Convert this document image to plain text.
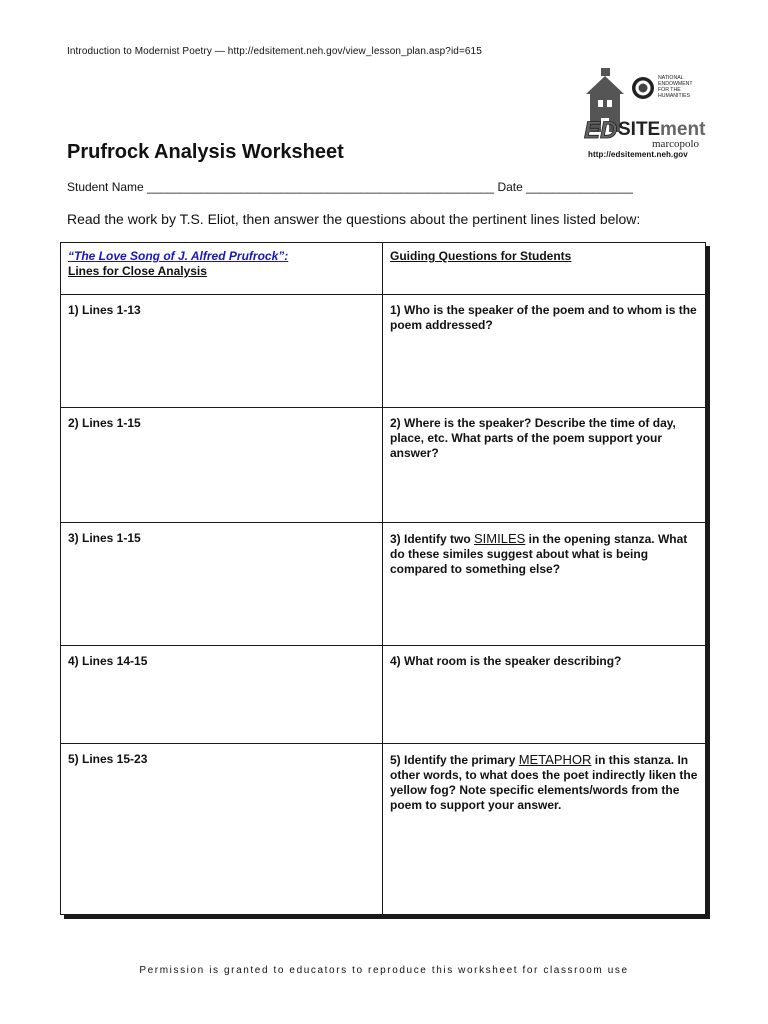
Introduction to Modernist Poetry — http://edsitement.neh.gov/view_lesson_plan.asp?id=615
NATIONAL
ENDOWMENT
FOR THE
HUMANITIES
ED SITE ment
marcopolo
http://edsitement.neh.gov
Prufrock Analysis Worksheet
Student Name ____________________________________________________ Date ________________
Read the work by T.S. Eliot, then answer the questions about the pertinent lines listed below:
“The Love Song of J. Alfred Prufrock”:
Lines for Close Analysis	Guiding Questions for Students
1) Lines 1-13	1) Who is the speaker of the poem and to whom is the poem addressed?
2) Lines 1-15	2) Where is the speaker? Describe the time of day, place, etc. What parts of the poem support your answer?
3) Lines 1-15	3) Identify two SIMILES in the opening stanza. What do these similes suggest about what is being compared to something else?
4) Lines 14-15	4) What room is the speaker describing?
5) Lines 15-23	5) Identify the primary METAPHOR in this stanza. In other words, to what does the poet indirectly liken the yellow fog? Note specific elements/words from the poem to support your answer.
Permission is granted to educators to reproduce this worksheet for classroom use
